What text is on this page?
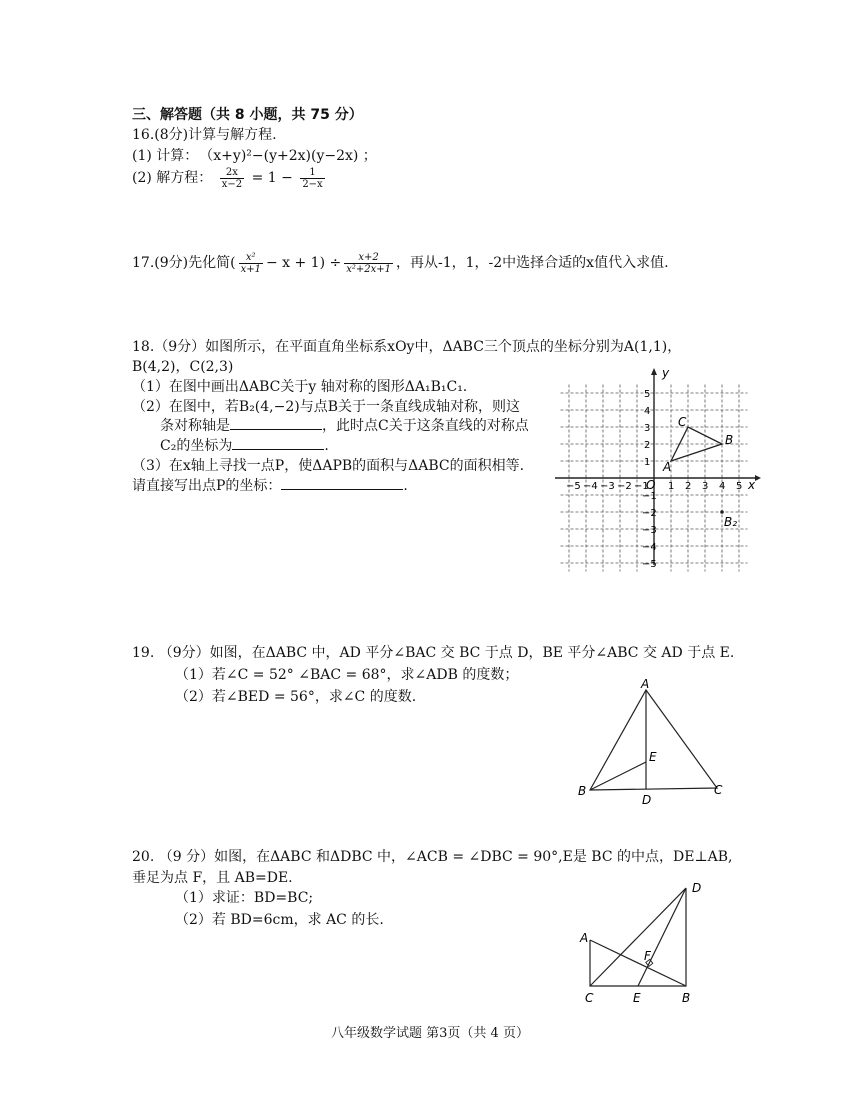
三、解答题（共 8 小题，共 75 分）
16.(8分)计算与解方程.
(1) 计算： （x+y)²−(y+2x)(y−2x) ；
(2) 解方程： $\frac{2x}{x-2} = 1 - \frac{1}{2-x}$
17.(9分)先化简( $\frac{\text{x²}}{x+1} - x + 1) \div \frac{x+2}{\text{x²+2x+1}}$ ，再从-1，1，-2中选择合适的x值代入求值.
18.（9分）如图所示，在平面直角坐标系xOy中，ΔABC三个顶点的坐标分别为A(1,1)，
B(4,2)，C(2,3)
（1）在图中画出ΔABC关于y 轴对称的图形ΔA₁B₁C₁.
（2）在图中，若B₂(4,−2)与点B关于一条直线成轴对称，则这
条对称轴是	，此时点C关于这条直线的对称点
C₂的坐标为	.
（3）在x轴上寻找一点P，使ΔAPB的面积与ΔABC的面积相等.
请直接写出点P的坐标：	.
y
−5 −4 −3 −2 −1
O 1 2 3 4 5 x
5
4
3
2
1
−1
−2
−3
−4
−5
A
B
C
B₂
19. （9分）如图，在ΔABC 中，AD 平分∠BAC 交 BC 于点 D，BE 平分∠ABC 交 AD 于点 E.
（1）若∠C = 52° ∠BAC = 68°，求∠ADB 的度数；
（2）若∠BED = 56°，求∠C 的度数.
A
B	C
D
E
20. （9 分）如图，在ΔABC 和ΔDBC 中，∠ACB = ∠DBC = 90°,E是 BC 的中点，DE⊥AB,
垂足为点 F，且 AB=DE.
（1）求证：BD=BC;
（2）若 BD=6cm，求 AC 的长.
A
B
C
D
E
F
八年级数学试题 第3页（共 4 页）
